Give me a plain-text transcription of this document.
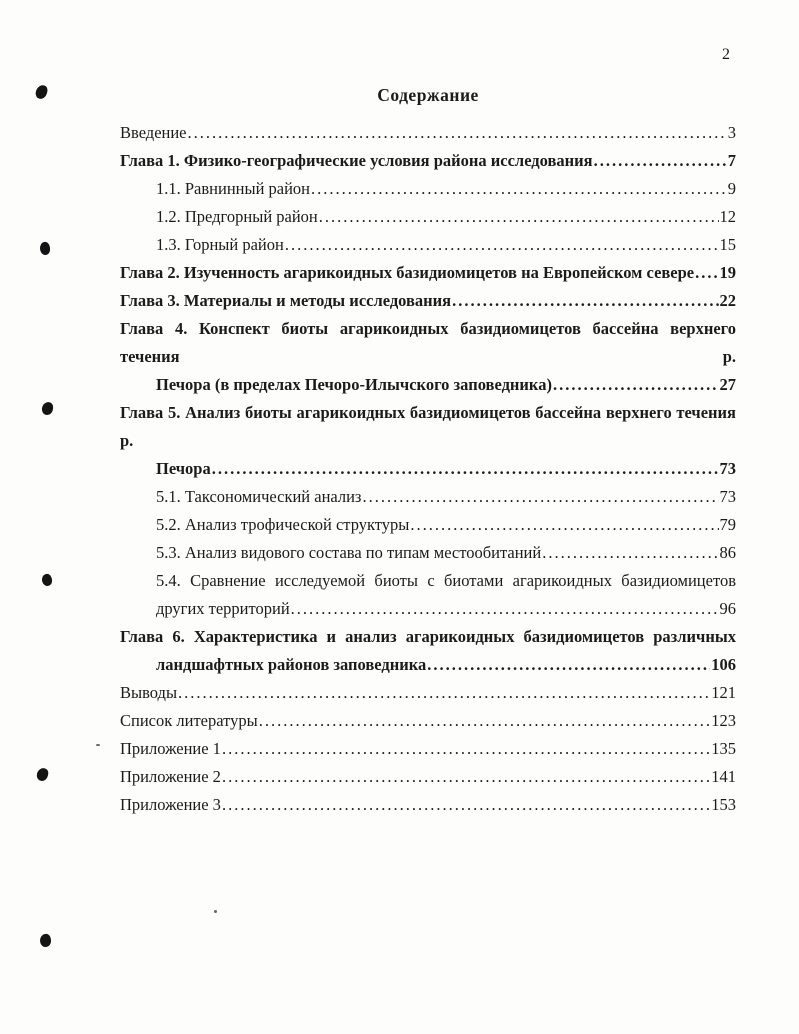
2
Содержание
Введение .....	3
Глава 1. Физико-географические условия района исследования .....	7
1.1. Равнинный район .....	9
1.2. Предгорный район .....	12
1.3. Горный район .....	15
Глава 2. Изученность агарикоидных базидиомицетов на Европейском севере ..... 19
Глава 3. Материалы и методы исследования .....	22
Глава 4. Конспект биоты агарикоидных базидиомицетов бассейна верхнего течения р.
Печора (в пределах Печоро-Илычского заповедника) .....	27
Глава 5. Анализ биоты агарикоидных базидиомицетов бассейна верхнего течения р.
Печора .....	73
5.1. Таксономический анализ .....	73
5.2. Анализ трофической структуры .....	79
5.3. Анализ видового состава по типам местообитаний .....	86
5.4. Сравнение исследуемой биоты с биотами агарикоидных базидиомицетов
других территорий .....	96
Глава 6. Характеристика и анализ агарикоидных базидиомицетов различных
ландшафтных районов заповедника .....	106
Выводы .....	121
Список литературы .....	123
Приложение 1 .....	135
Приложение 2 .....	141
Приложение 3 .....	153
